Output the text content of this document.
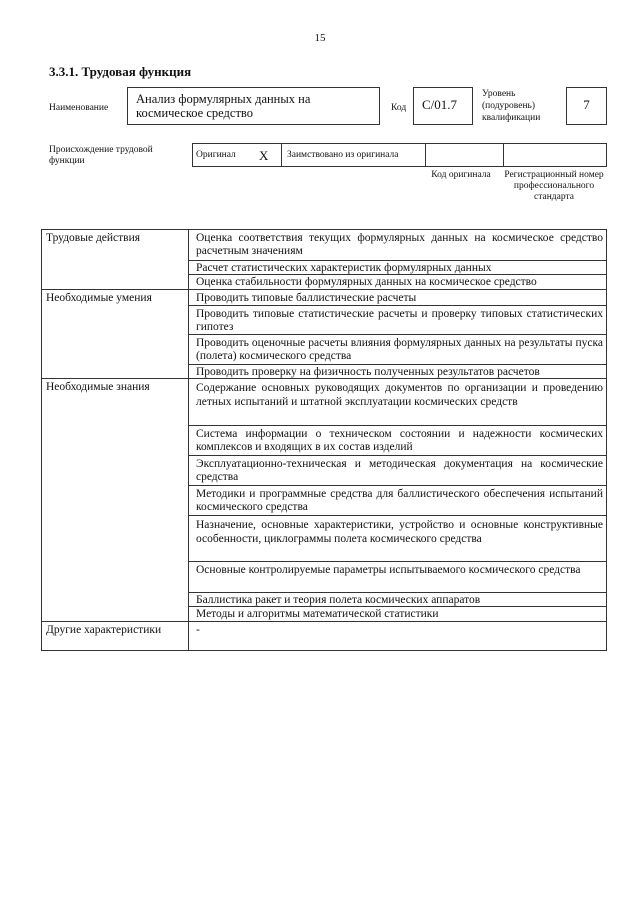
15
3.3.1. Трудовая функция
Наименование
Анализ формулярных данных на космическое средство	Код C/01.7
Уровень (подуровень) квалификации
7
Происхождение трудовой функции
Оригинал X Заимствовано из оригинала
Код оригинала Регистрационный номер профессионального стандарта
Трудовые действия	Оценка соответствия текущих формулярных данных на космическое средство расчетным значениям
Расчет статистических характеристик формулярных данных
Оценка стабильности формулярных данных на космическое средство
Необходимые умения	Проводить типовые баллистические расчеты
Проводить типовые статистические расчеты и проверку типовых статистических гипотез
Проводить оценочные расчеты влияния формулярных данных на результаты пуска (полета) космического средства
Проводить проверку на физичность полученных результатов расчетов
Необходимые знания	Содержание основных руководящих документов по организации и проведению летных испытаний и штатной эксплуатации космических средств
Система информации о техническом состоянии и надежности космических комплексов и входящих в их состав изделий
Эксплуатационно-техническая и методическая документация на космические средства
Методики и программные средства для баллистического обеспечения испытаний космического средства
Назначение, основные характеристики, устройство и основные конструктивные особенности, циклограммы полета космического средства
Основные контролируемые параметры испытываемого космического средства
Баллистика ракет и теория полета космических аппаратов
Методы и алгоритмы математической статистики
Другие характеристики	-
